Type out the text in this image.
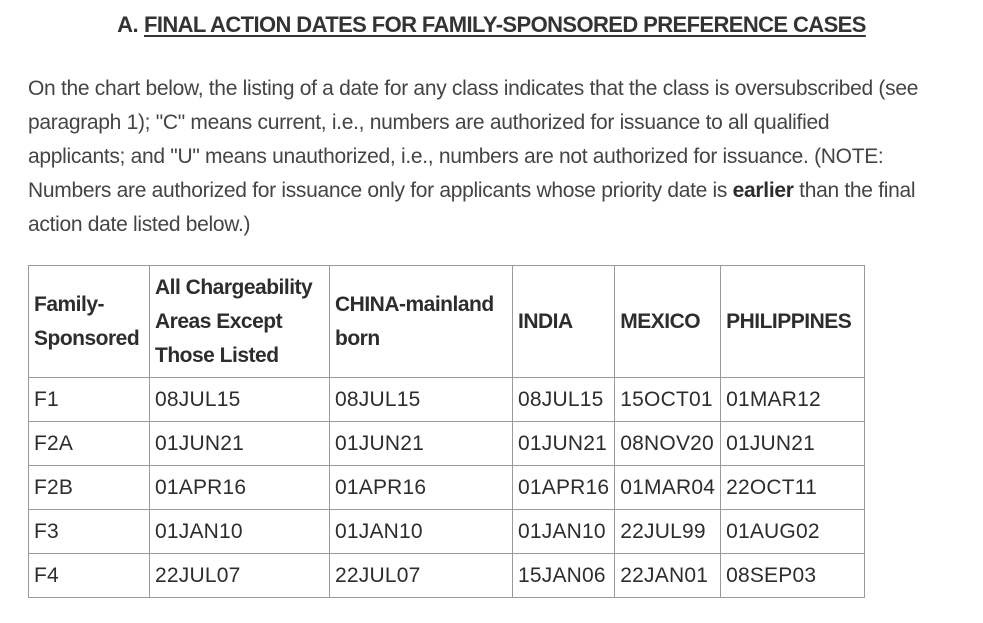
A. FINAL ACTION DATES FOR FAMILY-SPONSORED PREFERENCE CASES

On the chart below, the listing of a date for any class indicates that the class is oversubscribed (see paragraph 1); "C" means current, i.e., numbers are authorized for issuance to all qualified applicants; and "U" means unauthorized, i.e., numbers are not authorized for issuance. (NOTE: Numbers are authorized for issuance only for applicants whose priority date is earlier than the final action date listed below.)

Family-Sponsored	All Chargeability Areas Except Those Listed	CHINA-mainland born	INDIA	MEXICO	PHILIPPINES
F1	08JUL15	08JUL15	08JUL15	15OCT01	01MAR12
F2A	01JUN21	01JUN21	01JUN21	08NOV20	01JUN21
F2B	01APR16	01APR16	01APR16	01MAR04	22OCT11
F3	01JAN10	01JAN10	01JAN10	22JUL99	01AUG02
F4	22JUL07	22JUL07	15JAN06	22JAN01	08SEP03
